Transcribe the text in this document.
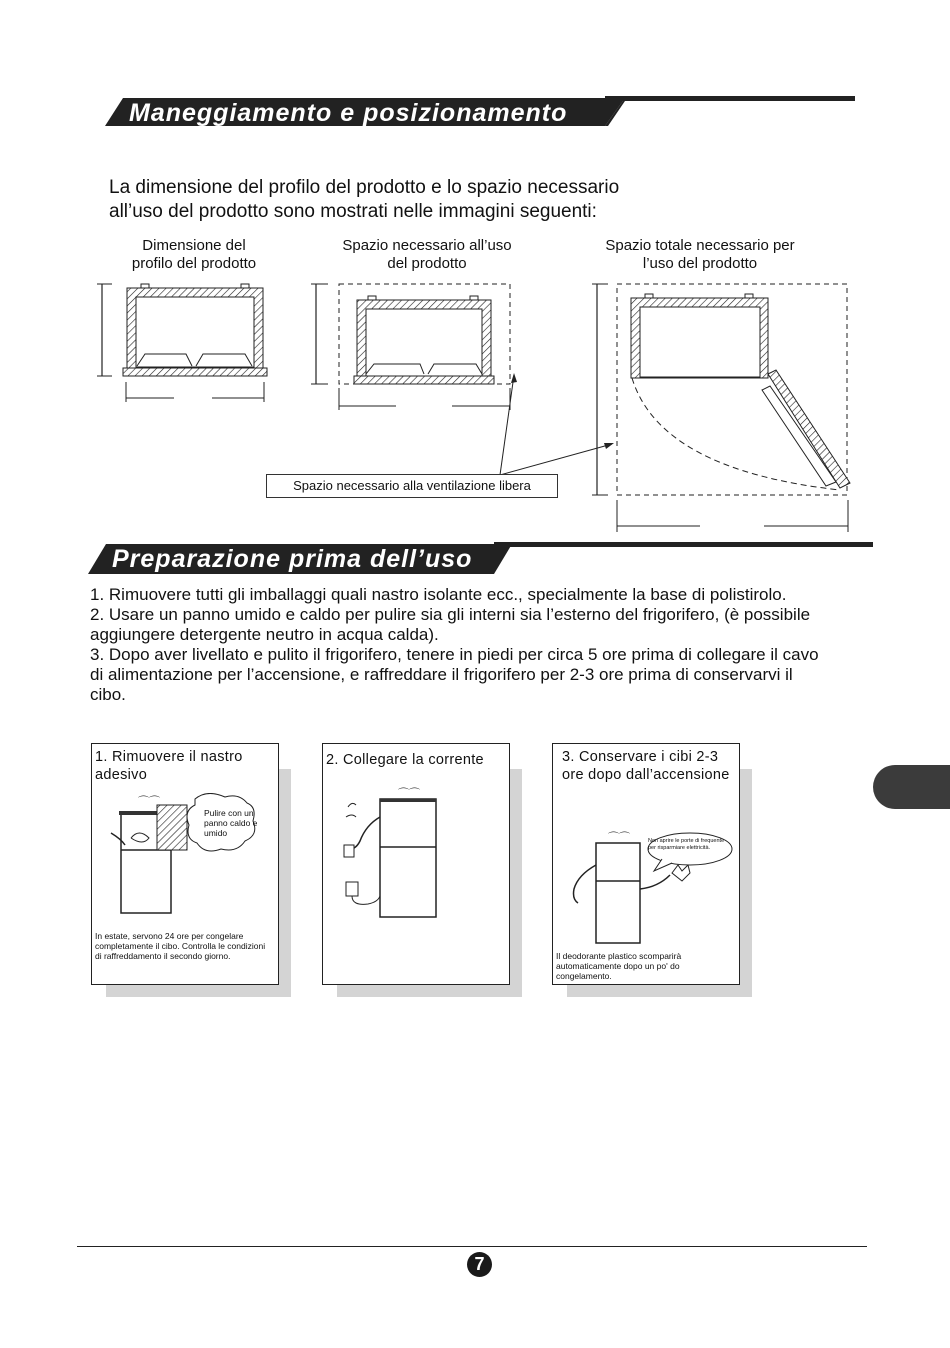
Maneggiamento e posizionamento
La dimensione del profilo del prodotto e lo spazio necessario
all’uso del prodotto sono mostrati nelle immagini seguenti:
Dimensione del
profilo del prodotto
Spazio necessario all’uso
del prodotto
Spazio totale necessario per
l’uso del prodotto
Spazio necessario alla ventilazione libera
Preparazione prima dell’uso

1. Rimuovere tutti gli imballaggi quali nastro isolante ecc., specialmente la base di polistirolo.

2. Usare un panno umido e caldo per pulire sia gli interni sia l’esterno del frigorifero, (è possibile aggiungere detergente neutro in acqua calda).

3. Dopo aver livellato e pulito il frigorifero, tenere in piedi per circa 5 ore prima di collegare il cavo di alimentazione per l’accensione, e raffreddare il frigorifero per 2-3 ore prima di conservarvi il cibo.

1. Rimuovere il nastro adesivo
⌒⌒
Pulire con un panno caldo e umido
In estate, servono 24 ore per congelare completamente il cibo. Controlla le condizioni di raffreddamento il secondo giorno.
2. Collegare la corrente
⌒⌒
3. Conservare i cibi 2-3 ore dopo dall’accensione
⌒⌒	Non aprire le porte di frequente per risparmiare elettricità.
Il deodorante plastico scomparirà automaticamente dopo un po' do congelamento.
7
